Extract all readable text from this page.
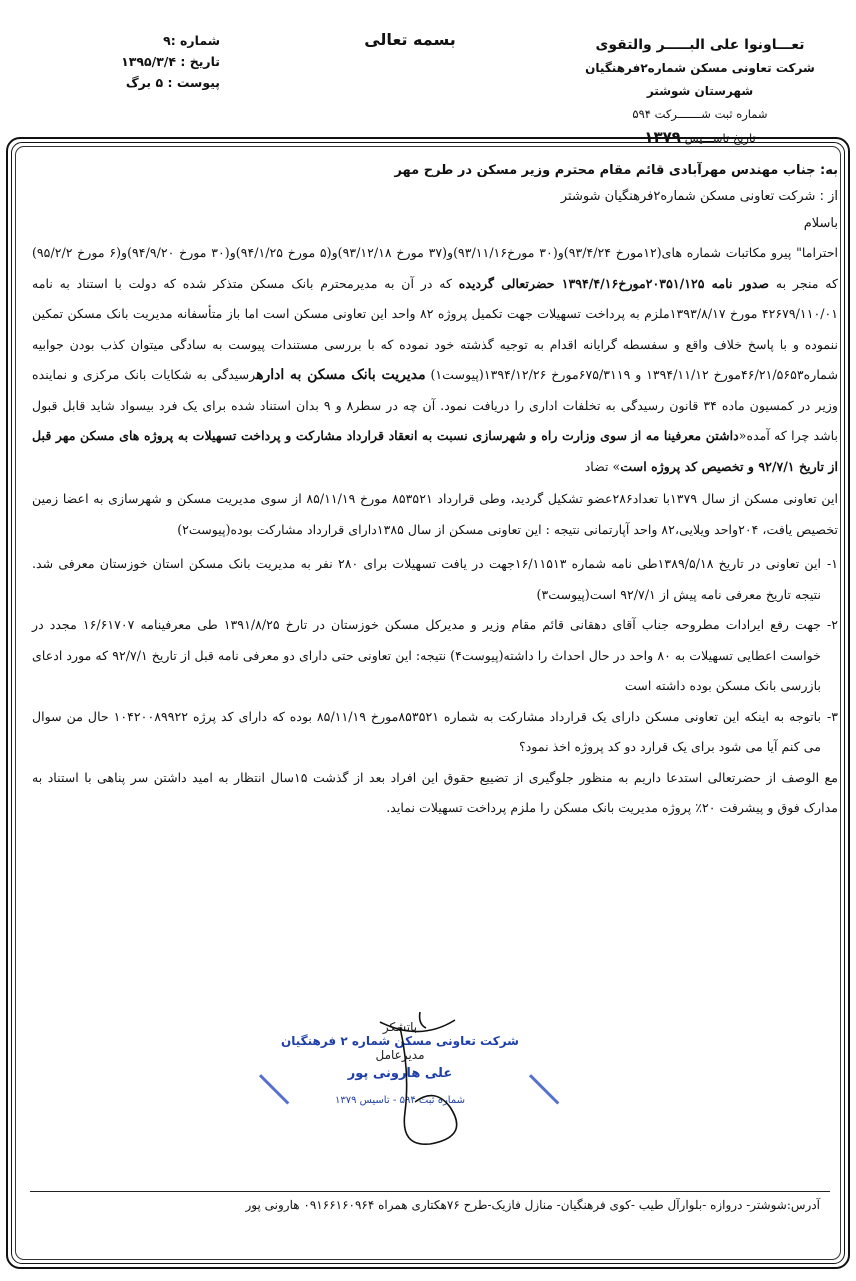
شماره :۹
تاریخ : ۱۳۹۵/۳/۴
پیوست : ۵ برگ
بسمه تعالی	تعـــاونوا علی البـــــر والتقوی
شرکت تعاونی مسکن شماره۲فرهنگیان شهرستان شوشتر
شماره ثبت شـــــــرکت ۵۹۴
تاریخ تاســـیس ۱۳۷۹
به: جناب مهندس مهرآبادی قائم مقام محترم وزیر مسکن در طرح مهر
از : شرکت تعاونی مسکن شماره۲فرهنگیان شوشتر
باسلام

احتراما" پیرو مکاتبات شماره های(۱۲مورخ ۹۳/۴/۲۴)و(۳۰ مورخ۹۳/۱۱/۱۶)و(۳۷ مورخ ۹۳/۱۲/۱۸)و(۵ مورخ ۹۴/۱/۲۵)و(۳۰ مورخ ۹۴/۹/۲۰)و(۶ مورخ ۹۵/۲/۲) که منجر به صدور نامه ۲۰۳۵۱/۱۲۵مورخ۱۳۹۴/۴/۱۶ حضرتعالی گردیده که در آن به مدیرمحترم بانک مسکن متذکر شده که دولت با استناد به نامه ۴۲۶۷۹/۱۱۰/۰۱ مورخ ۱۳۹۳/۸/۱۷ملزم به پرداخت تسهیلات جهت تکمیل پروژه ۸۲ واحد این تعاونی مسکن است اما باز متأسفانه مدیریت بانک مسکن تمکین ننموده و با پاسخ خلاف واقع و سفسطه گرایانه اقدام به توجیه گذشته خود نموده که با بررسی مستندات پیوست به سادگی میتوان کذب بودن جوابیه شماره۴۶/۲۱/۵۶۵۳مورخ ۱۳۹۴/۱۱/۱۲ و ۶۷۵/۳۱۱۹مورخ ۱۳۹۴/۱۲/۲۶(پیوست۱) مدیریت بانک مسکن به ادارهرسیدگی به شکایات بانک مرکزی و نماینده وزیر در کمسیون ماده ۳۴ قانون رسیدگی به تخلفات اداری را دریافت نمود. آن چه در سطر۸ و ۹ بدان استناد شده برای یک فرد بیسواد شاید قابل قبول باشد چرا که آمده«داشتن معرفینا مه از سوی وزارت راه و شهرسازی نسبت به انعقاد قرارداد مشارکت و پرداخت تسهیلات به پروژه های مسکن مهر قبل از تاریخ ۹۲/۷/۱ و تخصیص کد پروژه است» تضاد

این تعاونی مسکن از سال ۱۳۷۹با تعداد۲۸۶عضو تشکیل گردید، وطی قرارداد ۸۵۳۵۲۱ مورخ ۸۵/۱۱/۱۹ از سوی مدیریت مسکن و شهرسازی به اعضا زمین تخصیص یافت، ۲۰۴واحد ویلایی،۸۲ واحد آپارتمانی نتیجه : این تعاونی مسکن از سال ۱۳۸۵دارای قرارداد مشارکت بوده(پیوست۲)

۱-
این تعاونی در تاریخ ۱۳۸۹/۵/۱۸طی نامه شماره ۱۶/۱۱۵۱۳جهت در یافت تسهیلات برای ۲۸۰ نفر به مدیریت بانک مسکن استان خوزستان معرفی شد. نتیجه تاریخ معرفی نامه پیش از ۹۲/۷/۱ است(پیوست۳)
۲-
جهت رفع ایرادات مطروحه جناب آقای دهقانی قائم مقام وزیر و مدیرکل مسکن خوزستان در تارخ ۱۳۹۱/۸/۲۵ طی معرفینامه ۱۶/۶۱۷۰۷ مجدد در خواست اعطایی تسهیلات به ۸۰ واحد در حال احداث را داشته(پیوست۴) نتیجه: این تعاونی حتی دارای دو معرفی نامه قبل از تاریخ ۹۲/۷/۱ که مورد ادعای بازرسی بانک مسکن بوده داشته است
۳-
باتوجه به اینکه این تعاونی مسکن دارای یک قرارداد مشارکت به شماره ۸۵۳۵۲۱مورخ ۸۵/۱۱/۱۹ بوده که دارای کد پرژه ۱۰۴۲۰۰۸۹۹۲۲ حال من سوال می کنم آیا می شود برای یک قرارد دو کد پروژه اخذ نمود؟

مع الوصف از حضرتعالی استدعا داریم به منظور جلوگیری از تضییع حقوق این افراد بعد از گذشت ۱۵سال انتظار به امید داشتن سر پناهی با استناد به مدارک فوق و پیشرفت ۲۰٪ پروژه مدیریت بانک مسکن را ملزم پرداخت تسهیلات نماید.

باتشکر
شرکت تعاونی مسکن شماره ۲ فرهنگیان
مدیرعامل
علی هارونی پور
شماره ثبت ۵۹۴ - تاسیس ۱۳۷۹
آدرس:شوشتر- دروازه -بلوارآل طیب -کوی فرهنگیان- منازل فازیک-طرح ۷۶هکتاری همراه ۰۹۱۶۶۱۶۰۹۶۴ هارونی پور
